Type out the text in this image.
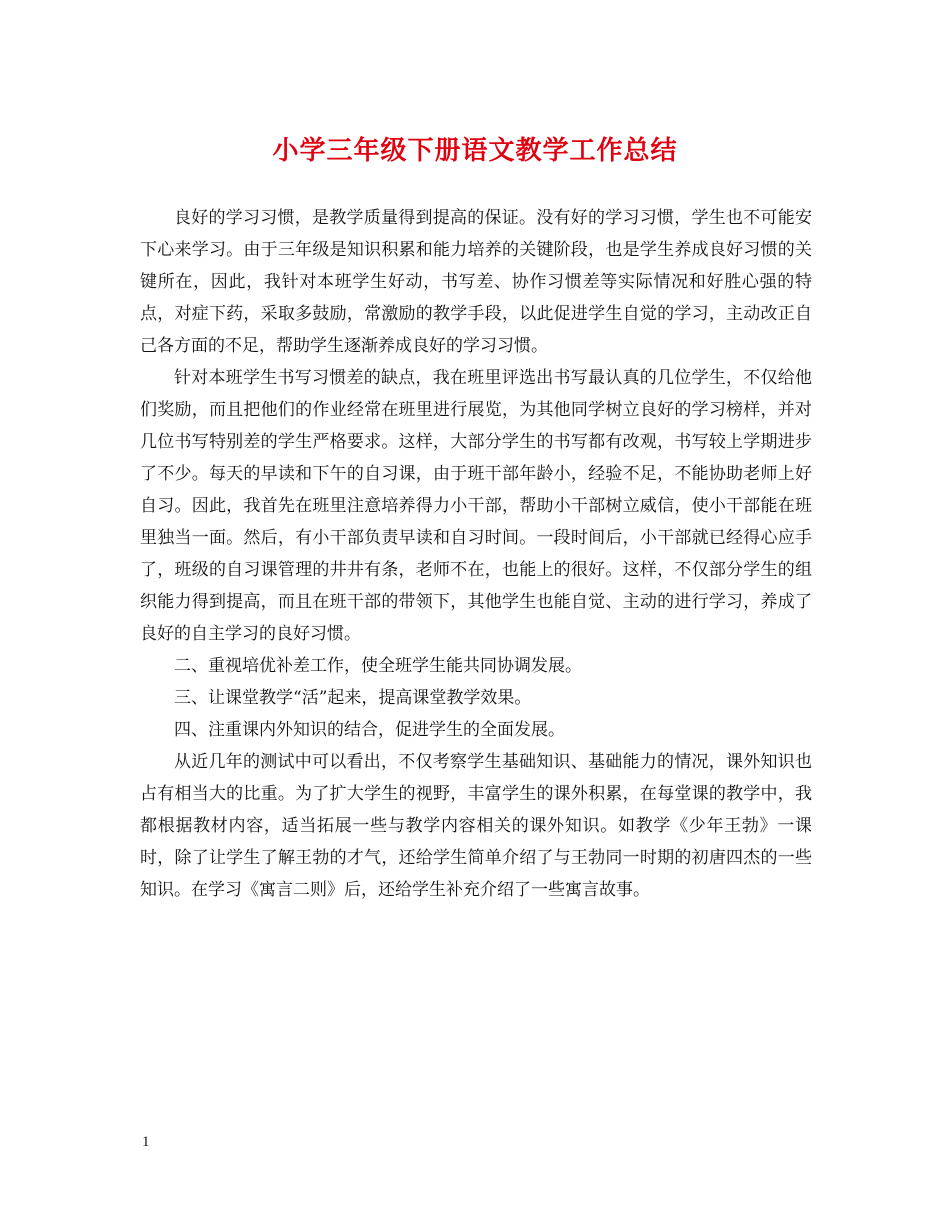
小学三年级下册语文教学工作总结

良好的学习习惯，是教学质量得到提高的保证。没有好的学习习惯，学生也不可能安下心来学习。由于三年级是知识积累和能力培养的关键阶段，也是学生养成良好习惯的关键所在，因此，我针对本班学生好动，书写差、协作习惯差等实际情况和好胜心强的特点，对症下药，采取多鼓励，常激励的教学手段，以此促进学生自觉的学习，主动改正自己各方面的不足，帮助学生逐渐养成良好的学习习惯。

针对本班学生书写习惯差的缺点，我在班里评选出书写最认真的几位学生，不仅给他们奖励，而且把他们的作业经常在班里进行展览，为其他同学树立良好的学习榜样，并对几位书写特别差的学生严格要求。这样，大部分学生的书写都有改观，书写较上学期进步了不少。每天的早读和下午的自习课，由于班干部年龄小，经验不足，不能协助老师上好自习。因此，我首先在班里注意培养得力小干部，帮助小干部树立威信，使小干部能在班里独当一面。然后，有小干部负责早读和自习时间。一段时间后，小干部就已经得心应手了，班级的自习课管理的井井有条，老师不在，也能上的很好。这样，不仅部分学生的组织能力得到提高，而且在班干部的带领下，其他学生也能自觉、主动的进行学习，养成了良好的自主学习的良好习惯。

二、重视培优补差工作，使全班学生能共同协调发展。

三、让课堂教学“活”起来，提高课堂教学效果。

四、注重课内外知识的结合，促进学生的全面发展。

从近几年的测试中可以看出，不仅考察学生基础知识、基础能力的情况，课外知识也占有相当大的比重。为了扩大学生的视野，丰富学生的课外积累，在每堂课的教学中，我都根据教材内容，适当拓展一些与教学内容相关的课外知识。如教学《少年王勃》一课时，除了让学生了解王勃的才气，还给学生简单介绍了与王勃同一时期的初唐四杰的一些知识。在学习《寓言二则》后，还给学生补充介绍了一些寓言故事。

1
